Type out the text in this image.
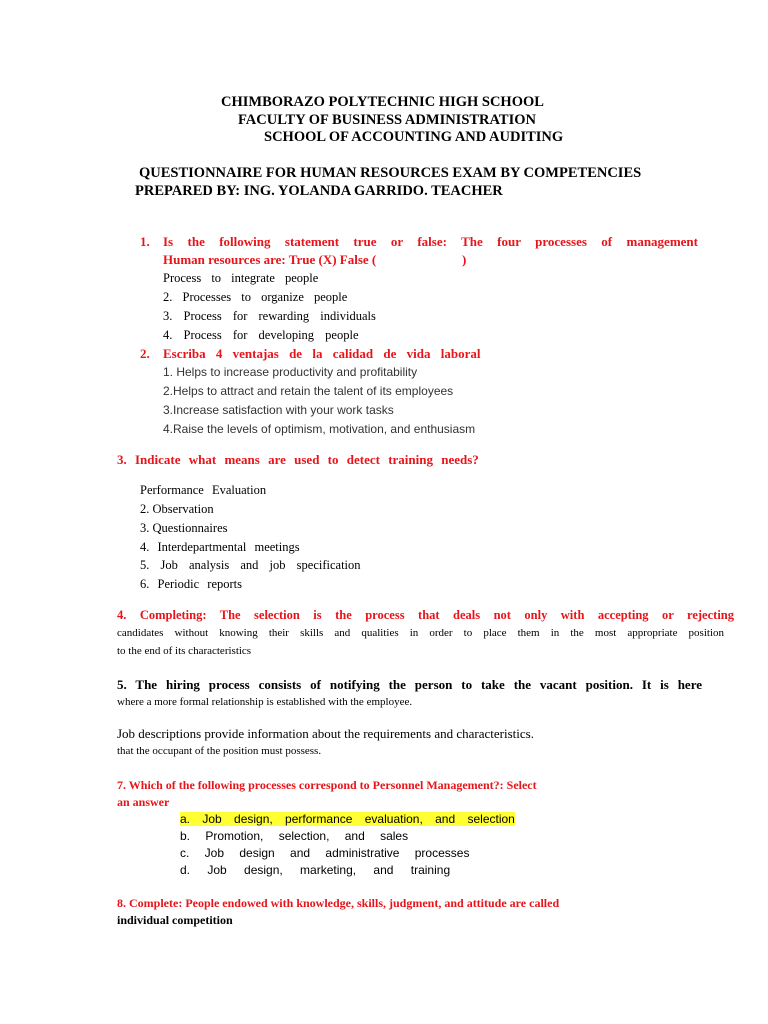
CHIMBORAZO POLYTECHNIC HIGH SCHOOL
FACULTY OF BUSINESS ADMINISTRATION
SCHOOL OF ACCOUNTING AND AUDITING
QUESTIONNAIRE FOR HUMAN RESOURCES EXAM BY COMPETENCIES
PREPARED BY: ING. YOLANDA GARRIDO. TEACHER
1. Is the following statement true or false: The four processes of management
Human resources are: True (X) False (	)
Process to integrate people
2. Processes to organize people
3. Process for rewarding individuals
4. Process for developing people
2. Escriba 4 ventajas de la calidad de vida laboral
1. Helps to increase productivity and profitability
2.Helps to attract and retain the talent of its employees
3.Increase satisfaction with your work tasks
4.Raise the levels of optimism, motivation, and enthusiasm
3. Indicate what means are used to detect training needs?
Performance Evaluation
2. Observation
3. Questionnaires
4. Interdepartmental meetings
5. Job analysis and job specification
6. Periodic reports
4. Completing: The selection is the process that deals not only with accepting or rejecting
candidates without knowing their skills and qualities in order to place them in the most appropriate position
to the end of its characteristics
5. The hiring process consists of notifying the person to take the vacant position. It is here
where a more formal relationship is established with the employee.
Job descriptions provide information about the requirements and characteristics.
that the occupant of the position must possess.
7. Which of the following processes correspond to Personnel Management?: Select
an answer
a. Job design, performance evaluation, and selection
b. Promotion, selection, and sales
c. Job design and administrative processes
d. Job design, marketing, and training
8. Complete: People endowed with knowledge, skills, judgment, and attitude are called
individual competition
